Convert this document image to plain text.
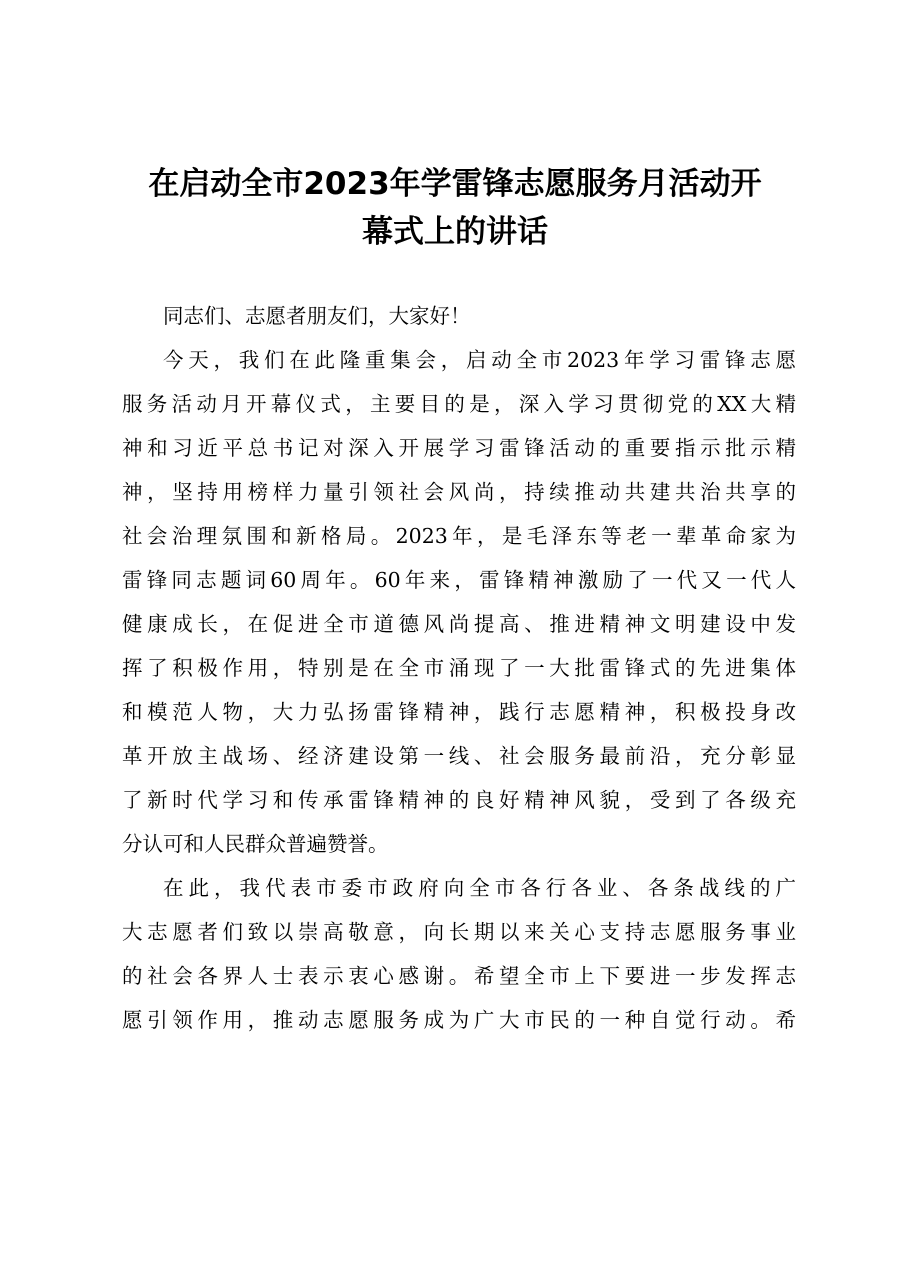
在启动全市2023年学雷锋志愿服务月活动开
幕式上的讲话
同志们、志愿者朋友们，大家好！
今天，我们在此隆重集会，启动全市2023年学习雷锋志愿
服务活动月开幕仪式，主要目的是，深入学习贯彻党的XX大精
神和习近平总书记对深入开展学习雷锋活动的重要指示批示精
神，坚持用榜样力量引领社会风尚，持续推动共建共治共享的
社会治理氛围和新格局。2023年，是毛泽东等老一辈革命家为
雷锋同志题词60周年。60年来，雷锋精神激励了一代又一代人
健康成长，在促进全市道德风尚提高、推进精神文明建设中发
挥了积极作用，特别是在全市涌现了一大批雷锋式的先进集体
和模范人物，大力弘扬雷锋精神，践行志愿精神，积极投身改
革开放主战场、经济建设第一线、社会服务最前沿，充分彰显
了新时代学习和传承雷锋精神的良好精神风貌，受到了各级充
分认可和人民群众普遍赞誉。
在此，我代表市委市政府向全市各行各业、各条战线的广
大志愿者们致以崇高敬意，向长期以来关心支持志愿服务事业
的社会各界人士表示衷心感谢。希望全市上下要进一步发挥志
愿引领作用，推动志愿服务成为广大市民的一种自觉行动。希
